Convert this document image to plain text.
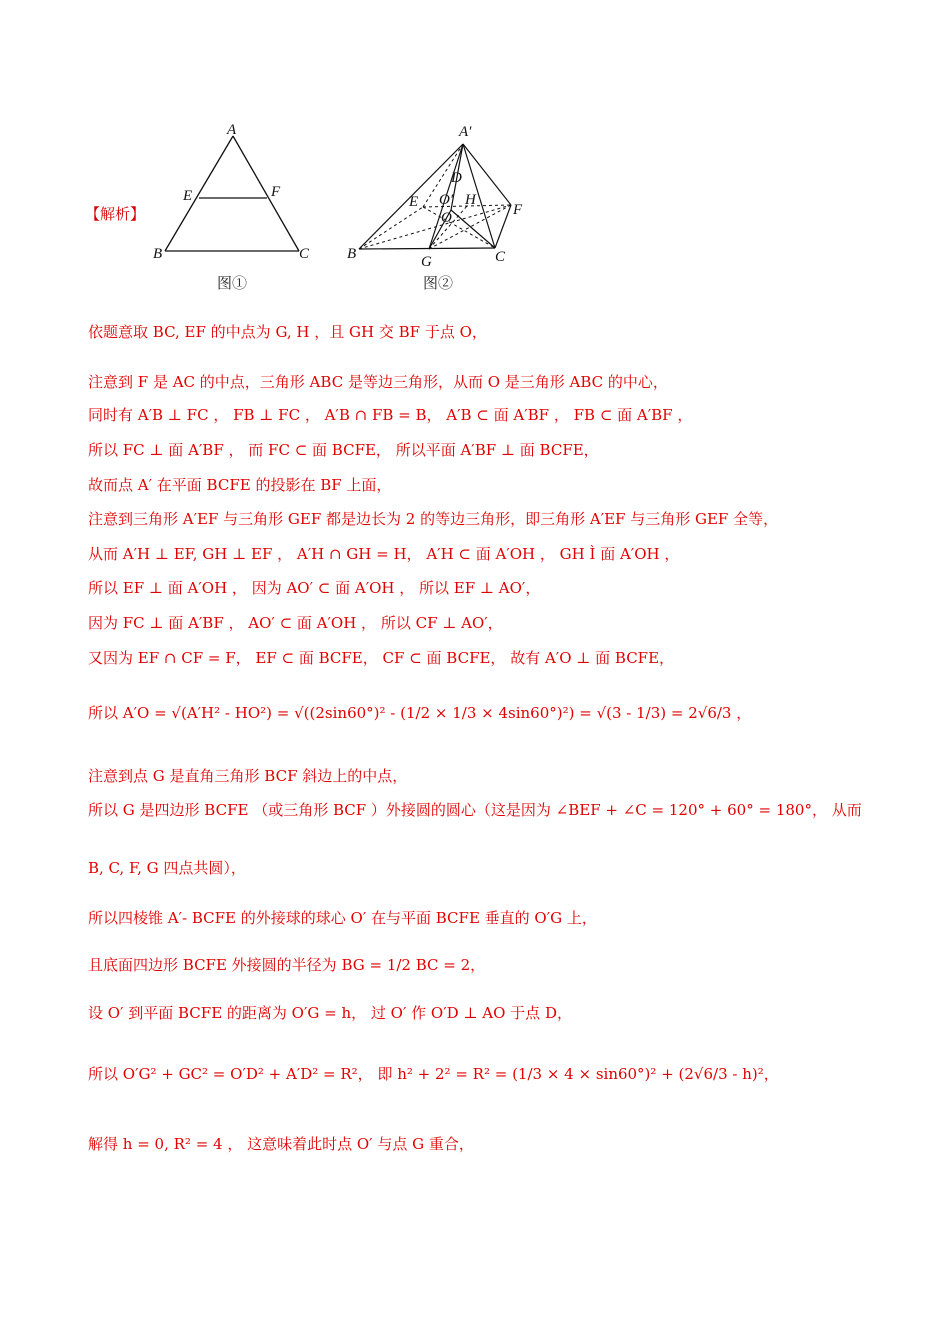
【解析】
A
E	F
B	C
图①
A′
D
O′ H
O
E	F
B	C
G
图②
依题意取 BC, EF 的中点为 G, H ，且 GH 交 BF 于点 O，
注意到 F 是 AC 的中点，三角形 ABC 是等边三角形，从而 O 是三角形 ABC 的中心，
同时有 A′B ⊥ FC ， FB ⊥ FC ， A′B ∩ FB = B， A′B ⊂ 面 A′BF ， FB ⊂ 面 A′BF ，
所以 FC ⊥ 面 A′BF ， 而 FC ⊂ 面 BCFE， 所以平面 A′BF ⊥ 面 BCFE，
故而点 A′ 在平面 BCFE 的投影在 BF 上面，
注意到三角形 A′EF 与三角形 GEF 都是边长为 2 的等边三角形，即三角形 A′EF 与三角形 GEF 全等，
从而 A′H ⊥ EF, GH ⊥ EF ， A′H ∩ GH = H， A′H ⊂ 面 A′OH ， GH Ì 面 A′OH ，
所以 EF ⊥ 面 A′OH ， 因为 AO′ ⊂ 面 A′OH ， 所以 EF ⊥ AO′，
因为 FC ⊥ 面 A′BF ， AO′ ⊂ 面 A′OH ， 所以 CF ⊥ AO′，
又因为 EF ∩ CF = F， EF ⊂ 面 BCFE， CF ⊂ 面 BCFE， 故有 A′O ⊥ 面 BCFE，
所以 A′O = √(A′H² - HO²) = √((2sin60°)² - (1/2 × 1/3 × 4sin60°)²) = √(3 - 1/3) = 2√6/3 ，
注意到点 G 是直角三角形 BCF 斜边上的中点，
所以 G 是四边形 BCFE （或三角形 BCF ）外接圆的圆心（这是因为 ∠BEF + ∠C = 120° + 60° = 180°， 从而
B, C, F, G 四点共圆），
所以四棱锥 A′- BCFE 的外接球的球心 O′ 在与平面 BCFE 垂直的 O′G 上，
且底面四边形 BCFE 外接圆的半径为 BG = 1/2 BC = 2，
设 O′ 到平面 BCFE 的距离为 O′G = h， 过 O′ 作 O′D ⊥ AO 于点 D，
所以 O′G² + GC² = O′D² + A′D² = R²， 即 h² + 2² = R² = (1/3 × 4 × sin60°)² + (2√6/3 - h)²，
解得 h = 0, R² = 4 ， 这意味着此时点 O′ 与点 G 重合，
